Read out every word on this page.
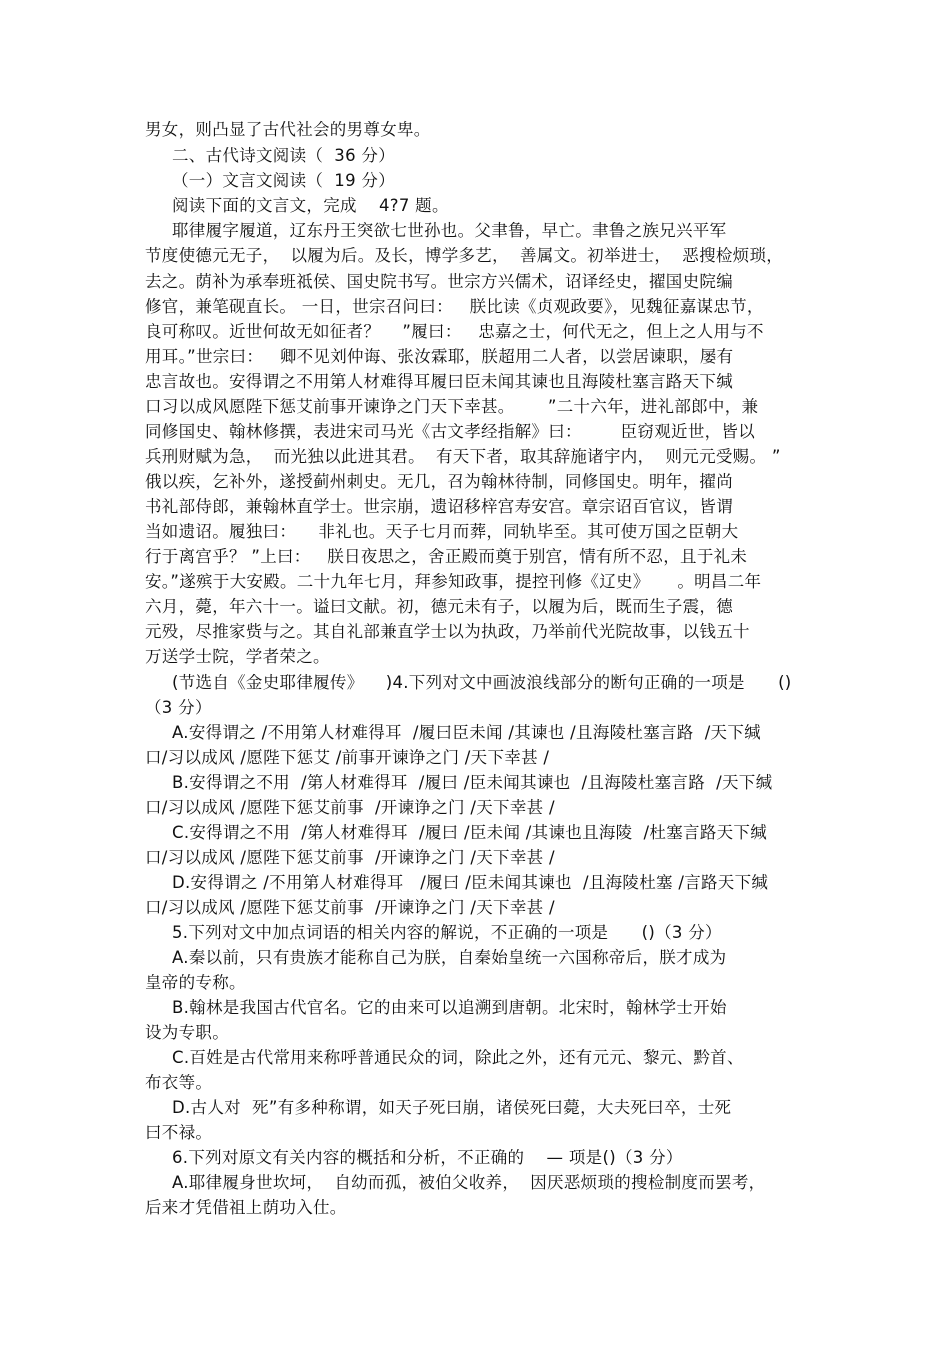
男女，则凸显了古代社会的男尊女卑。
二、古代诗文阅读（  36 分）
（一）文言文阅读（  19 分）
阅读下面的文言文，完成    4?7 题。
耶律履字履道，辽东丹王突欲七世孙也。父聿鲁，早亡。聿鲁之族兄兴平军
节度使德元无子，  以履为后。及长，博学多艺，  善属文。初举进士，  恶搜检烦琐，
去之。荫补为承奉班祗侯、国史院书写。世宗方兴儒术，诏译经史，擢国史院编
修官，兼笔砚直长。 一日，世宗召问曰：   朕比读《贞观政要》，见魏征嘉谋忠节，
良可称叹。近世何故无如征者？    ”履曰：   忠嘉之士，何代无之，但上之人用与不
用耳。”世宗曰：   卿不见刘仲诲、张汝霖耶，朕超用二人者，以尝居谏职，屡有
忠言故也。安得谓之不用第人材难得耳履曰臣未闻其谏也且海陵杜塞言路天下缄
口习以成风愿陛下惩艾前事开谏诤之门天下幸甚。      ”二十六年，进礼部郎中，兼
同修国史、翰林修撰，表进宋司马光《古文孝经指解》曰：       臣窃观近世，皆以
兵刑财赋为急，  而光独以此进其君。  有天下者，取其辞施诸宇内，  则元元受赐。 ”
俄以疾，乞补外，遂授蓟州刺史。无几，召为翰林待制，同修国史。明年，擢尚
书礼部侍郎，兼翰林直学士。世宗崩，遗诏移梓宫寿安宫。章宗诏百官议，皆谓
当如遗诏。履独曰：    非礼也。天子七月而葬，同轨毕至。其可使万国之臣朝大
行于离宫乎？ ”上曰：   朕日夜思之，舍正殿而奠于别宫，情有所不忍，且于礼未
安。”遂殡于大安殿。二十九年七月，拜参知政事，提控刊修《辽史》     。明昌二年
六月，薨，年六十一。谥曰文献。初，德元未有子，以履为后，既而生子震，德
元殁，尽推家赀与之。其自礼部兼直学士以为执政，乃举前代光院故事，以钱五十
万送学士院，学者荣之。
(节选自《金史耶律履传》    )4.下列对文中画波浪线部分的断句正确的一项是      ()
（3 分）
A.安得谓之 /不用第人材难得耳  /履曰臣未闻 /其谏也 /且海陵杜塞言路  /天下缄
口/习以成风 /愿陛下惩艾 /前事开谏诤之门 /天下幸甚 /
B.安得谓之不用  /第人材难得耳  /履曰 /臣未闻其谏也  /且海陵杜塞言路  /天下缄
口/习以成风 /愿陛下惩艾前事  /开谏诤之门 /天下幸甚 /
C.安得谓之不用  /第人材难得耳  /履曰 /臣未闻 /其谏也且海陵  /杜塞言路天下缄
口/习以成风 /愿陛下惩艾前事  /开谏诤之门 /天下幸甚 /
D.安得谓之 /不用第人材难得耳   /履曰 /臣未闻其谏也  /且海陵杜塞 /言路天下缄
口/习以成风 /愿陛下惩艾前事  /开谏诤之门 /天下幸甚 /
5.下列对文中加点词语的相关内容的解说，不正确的一项是      ()（3 分）
A.秦以前，只有贵族才能称自己为朕，自秦始皇统一六国称帝后，朕才成为
皇帝的专称。
B.翰林是我国古代官名。它的由来可以追溯到唐朝。北宋时，翰林学士开始
设为专职。
C.百姓是古代常用来称呼普通民众的词，除此之外，还有元元、黎元、黔首、
布衣等。
D.古人对  死”有多种称谓，如天子死曰崩，诸侯死曰薨，大夫死曰卒，士死
曰不禄。
6.下列对原文有关内容的概括和分析，不正确的    — 项是()（3 分）
A.耶律履身世坎坷，  自幼而孤，被伯父收养，  因厌恶烦琐的搜检制度而罢考，
后来才凭借祖上荫功入仕。
